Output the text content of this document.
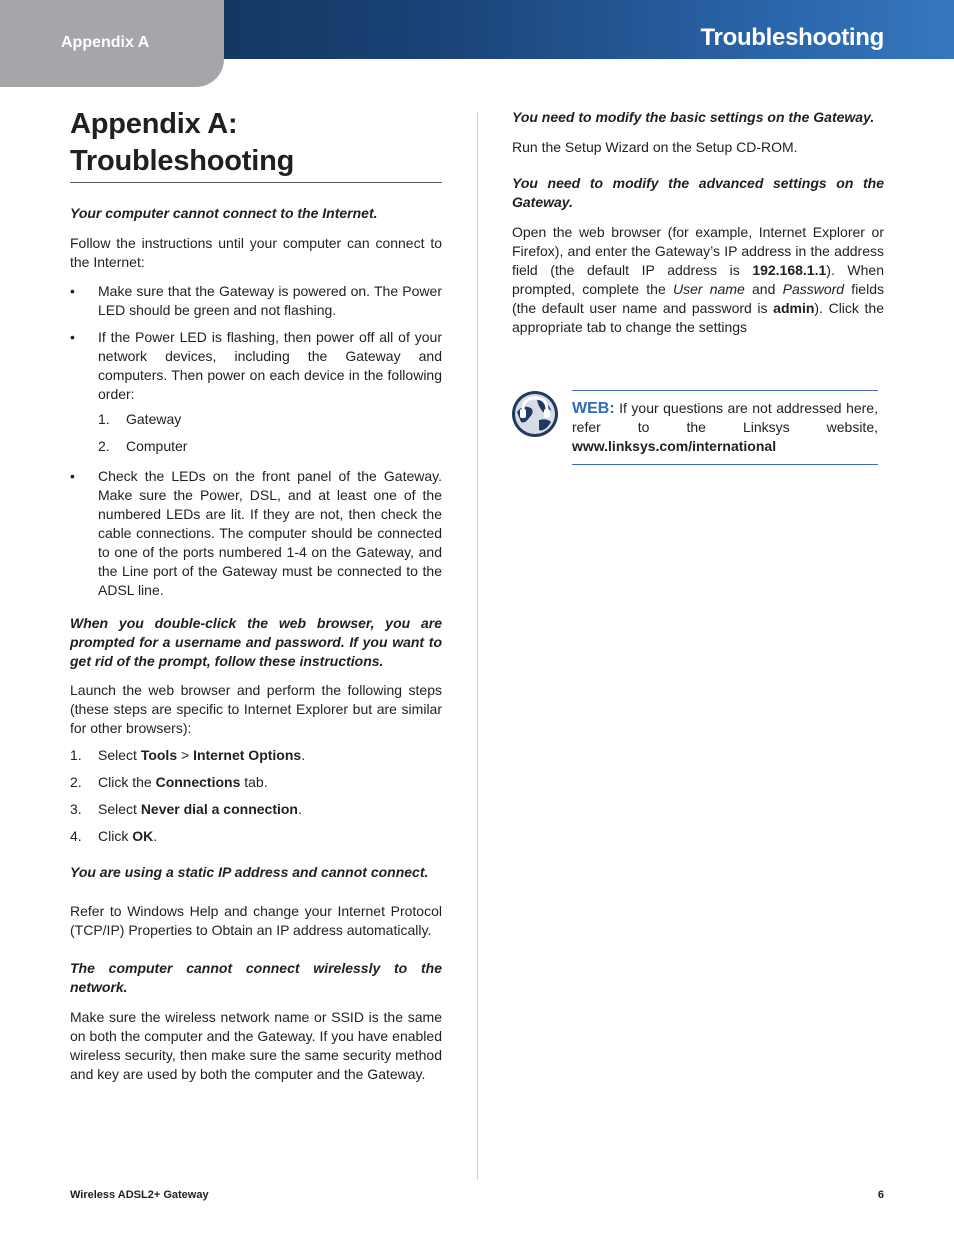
Appendix A	Troubleshooting
Appendix A:
Troubleshooting

Your computer cannot connect to the Internet.

Follow the instructions until your computer can connect to the Internet:

• Make sure that the Gateway is powered on. The Power LED should be green and not flashing.
• If the Power LED is flashing, then power off all of your network devices, including the Gateway and computers. Then power on each device in the following order:
1. Gateway
2. Computer
• Check the LEDs on the front panel of the Gateway. Make sure the Power, DSL, and at least one of the numbered LEDs are lit. If they are not, then check the cable connections. The computer should be connected to one of the ports numbered 1-4 on the Gateway, and the Line port of the Gateway must be connected to the ADSL line.

When you double-click the web browser, you are prompted for a username and password. If you want to get rid of the prompt, follow these instructions.

Launch the web browser and perform the following steps (these steps are specific to Internet Explorer but are similar for other browsers):

1. Select Tools > Internet Options.
2. Click the Connections tab.
3. Select Never dial a connection.
4. Click OK.

You are using a static IP address and cannot connect.

Refer to Windows Help and change your Internet Protocol (TCP/IP) Properties to Obtain an IP address automatically.

The computer cannot connect wirelessly to the network.

Make sure the wireless network name or SSID is the same on both the computer and the Gateway. If you have enabled wireless security, then make sure the same security method and key are used by both the computer and the Gateway.

You need to modify the basic settings on the Gateway.

Run the Setup Wizard on the Setup CD-ROM.

You need to modify the advanced settings on the Gateway.

Open the web browser (for example, Internet Explorer or Firefox), and enter the Gateway’s IP address in the address field (the default IP address is 192.168.1.1). When prompted, complete the User name and Password fields (the default user name and password is admin). Click the appropriate tab to change the settings

WEB: If your questions are not addressed here, refer to the Linksys website, www.linksys.com/international
Wireless ADSL2+ Gateway	6
